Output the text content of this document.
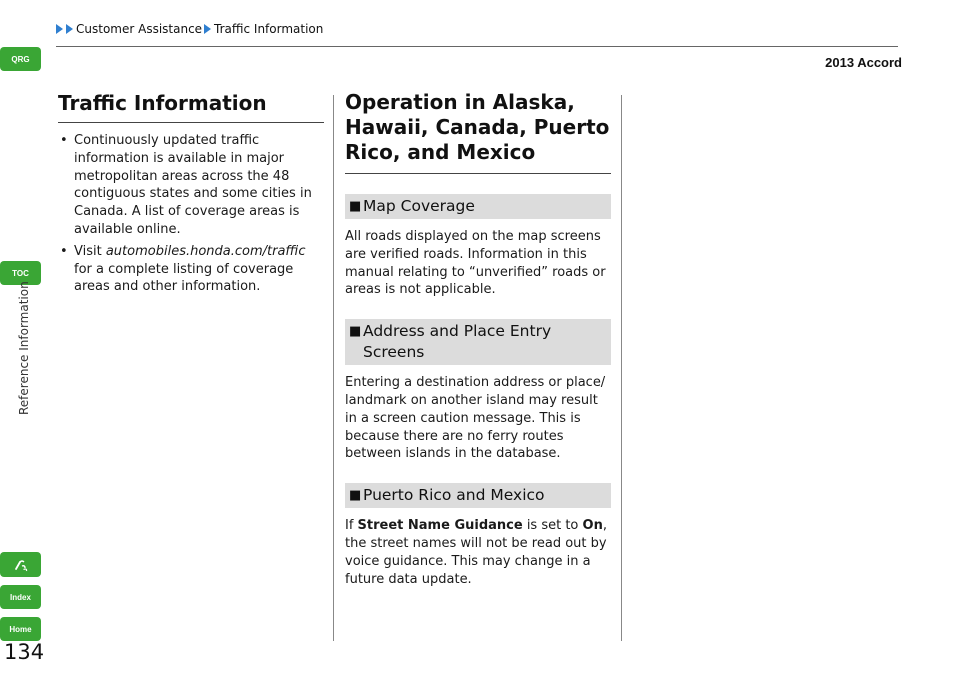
Customer Assistance Traffic Information
2013 Accord
QRG
TOC
Reference Information
Index
Home
134
Traffic Information
• Continuously updated traffic information is available in major metropolitan areas across the 48 contiguous states and some cities in Canada. A list of coverage areas is available online.
• Visit automobiles.honda.com/traffic for a complete listing of coverage areas and other information.
Operation in Alaska, Hawaii, Canada, Puerto Rico, and Mexico
■ Map Coverage

All roads displayed on the map screens are verified roads. Information in this manual relating to “unverified” roads or areas is not applicable.

■ Address and Place Entry Screens

Entering a destination address or place/ landmark on another island may result in a screen caution message. This is because there are no ferry routes between islands in the database.

■ Puerto Rico and Mexico

If Street Name Guidance is set to On, the street names will not be read out by voice guidance. This may change in a future data update.
